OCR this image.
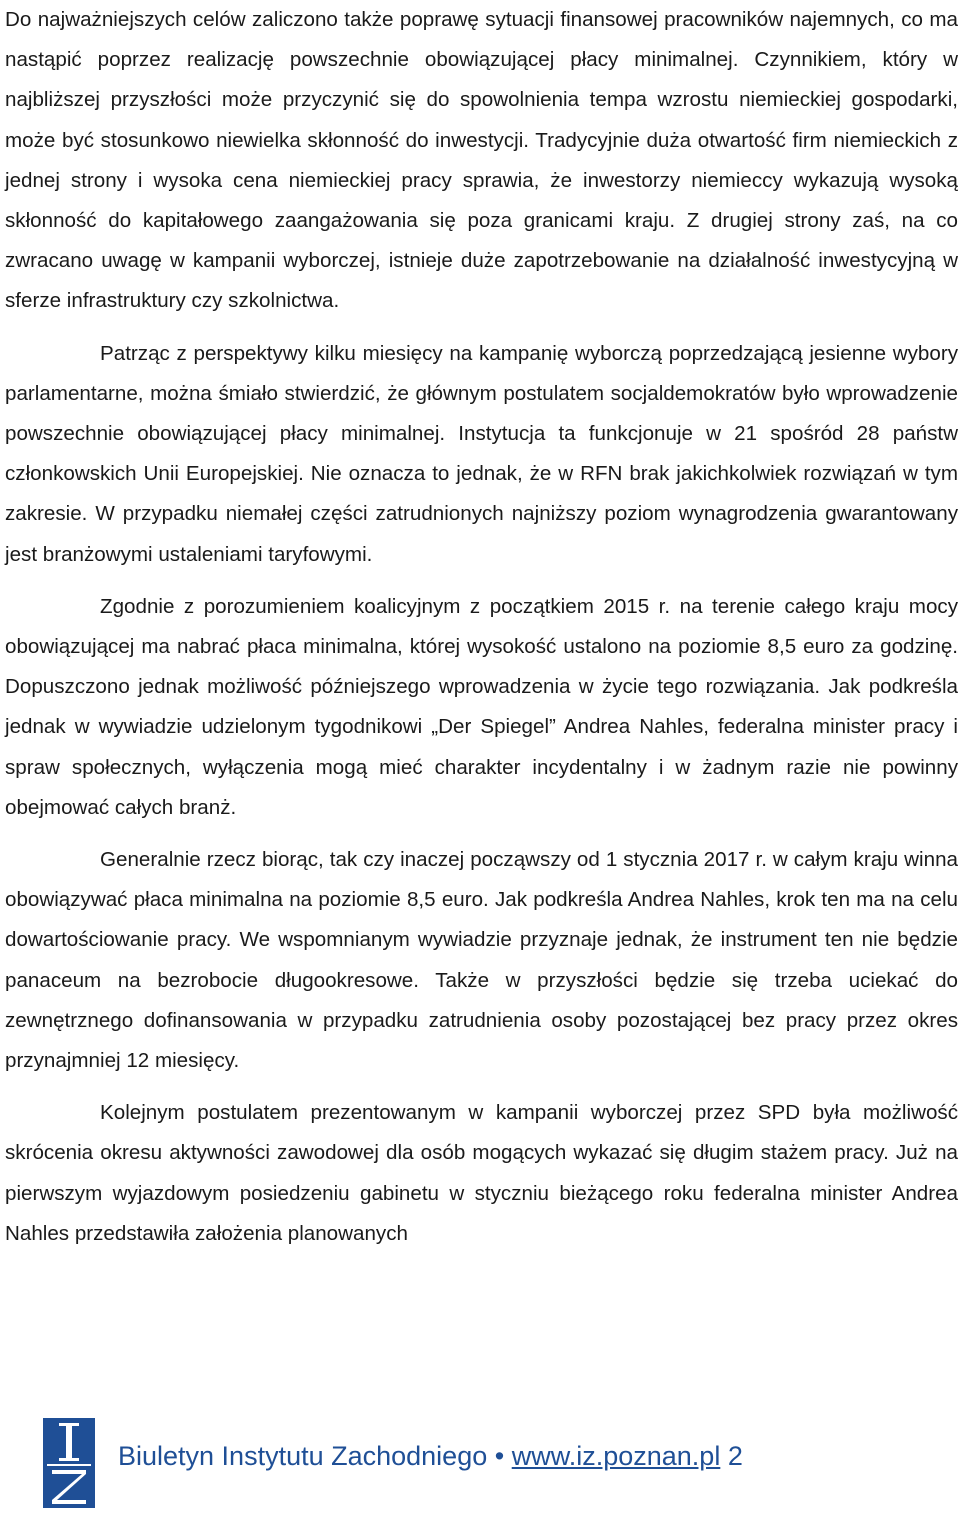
Do najważniejszych celów zaliczono także poprawę sytuacji finansowej pracowników najemnych, co ma nastąpić poprzez realizację powszechnie obowiązującej płacy minimalnej. Czynnikiem, który w najbliższej przyszłości może przyczynić się do spowolnienia tempa wzrostu niemieckiej gospodarki, może być stosunkowo niewielka skłonność do inwestycji. Tradycyjnie duża otwartość firm niemieckich z jednej strony i wysoka cena niemieckiej pracy sprawia, że inwestorzy niemieccy wykazują wysoką skłonność do kapitałowego zaangażowania się poza granicami kraju. Z drugiej strony zaś, na co zwracano uwagę w kampanii wyborczej, istnieje duże zapotrzebowanie na działalność inwestycyjną w sferze infrastruktury czy szkolnictwa.

Patrząc z perspektywy kilku miesięcy na kampanię wyborczą poprzedzającą jesienne wybory parlamentarne, można śmiało stwierdzić, że głównym postulatem socjaldemokratów było wprowadzenie powszechnie obowiązującej płacy minimalnej. Instytucja ta funkcjonuje w 21 spośród 28 państw członkowskich Unii Europejskiej. Nie oznacza to jednak, że w RFN brak jakichkolwiek rozwiązań w tym zakresie. W przypadku niemałej części zatrudnionych najniższy poziom wynagrodzenia gwarantowany jest branżowymi ustaleniami taryfowymi.

Zgodnie z porozumieniem koalicyjnym z początkiem 2015 r. na terenie całego kraju mocy obowiązującej ma nabrać płaca minimalna, której wysokość ustalono na poziomie 8,5 euro za godzinę. Dopuszczono jednak możliwość późniejszego wprowadzenia w życie tego rozwiązania. Jak podkreśla jednak w wywiadzie udzielonym tygodnikowi „Der Spiegel” Andrea Nahles, federalna minister pracy i spraw społecznych, wyłączenia mogą mieć charakter incydentalny i w żadnym razie nie powinny obejmować całych branż.

Generalnie rzecz biorąc, tak czy inaczej począwszy od 1 stycznia 2017 r. w całym kraju winna obowiązywać płaca minimalna na poziomie 8,5 euro. Jak podkreśla Andrea Nahles, krok ten ma na celu dowartościowanie pracy. We wspomnianym wywiadzie przyznaje jednak, że instrument ten nie będzie panaceum na bezrobocie długookresowe. Także w przyszłości będzie się trzeba uciekać do zewnętrznego dofinansowania w przypadku zatrudnienia osoby pozostającej bez pracy przez okres przynajmniej 12 miesięcy.

Kolejnym postulatem prezentowanym w kampanii wyborczej przez SPD była możliwość skrócenia okresu aktywności zawodowej dla osób mogących wykazać się długim stażem pracy. Już na pierwszym wyjazdowym posiedzeniu gabinetu w styczniu bieżącego roku federalna minister Andrea Nahles przedstawiła założenia planowanych

Biuletyn Instytutu Zachodniego • www.iz.poznan.pl 2
